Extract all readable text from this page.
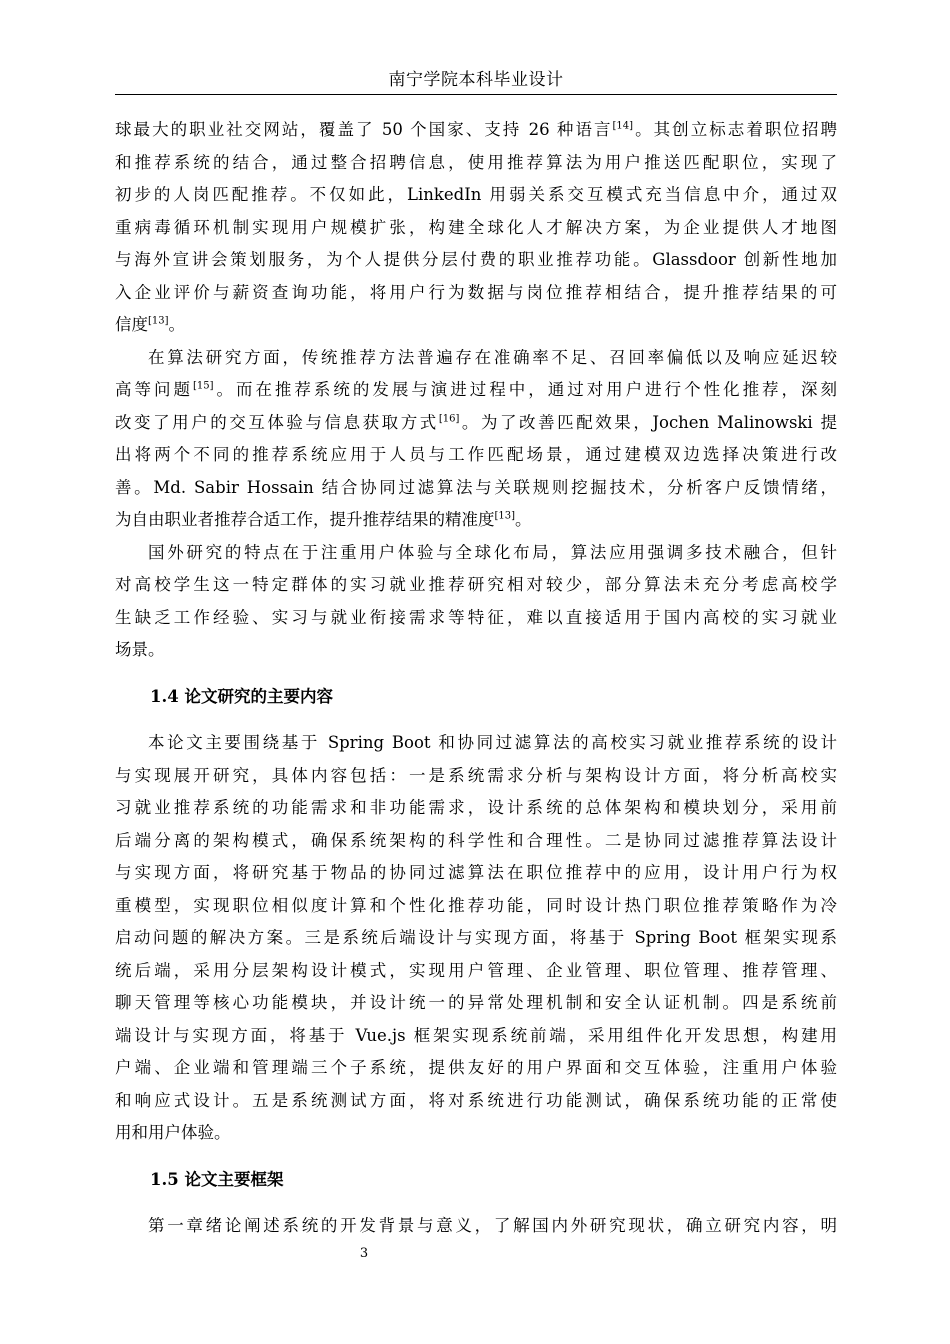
南宁学院本科毕业设计
球最大的职业社交网站，覆盖了 50 个国家、支持 26 种语言[14]。其创立标志着职位招聘
和推荐系统的结合，通过整合招聘信息，使用推荐算法为用户推送匹配职位，实现了
初步的人岗匹配推荐。不仅如此，LinkedIn 用弱关系交互模式充当信息中介，通过双
重病毒循环机制实现用户规模扩张，构建全球化人才解决方案，为企业提供人才地图
与海外宣讲会策划服务，为个人提供分层付费的职业推荐功能。Glassdoor 创新性地加
入企业评价与薪资查询功能，将用户行为数据与岗位推荐相结合，提升推荐结果的可
信度[13]。
在算法研究方面，传统推荐方法普遍存在准确率不足、召回率偏低以及响应延迟较
高等问题[15]。而在推荐系统的发展与演进过程中，通过对用户进行个性化推荐，深刻
改变了用户的交互体验与信息获取方式[16]。为了改善匹配效果，Jochen Malinowski 提
出将两个不同的推荐系统应用于人员与工作匹配场景，通过建模双边选择决策进行改
善。Md. Sabir Hossain 结合协同过滤算法与关联规则挖掘技术，分析客户反馈情绪，
为自由职业者推荐合适工作，提升推荐结果的精准度[13]。
国外研究的特点在于注重用户体验与全球化布局，算法应用强调多技术融合，但针
对高校学生这一特定群体的实习就业推荐研究相对较少，部分算法未充分考虑高校学
生缺乏工作经验、实习与就业衔接需求等特征，难以直接适用于国内高校的实习就业
场景。
1.4 论文研究的主要内容
本论文主要围绕基于 Spring Boot 和协同过滤算法的高校实习就业推荐系统的设计
与实现展开研究，具体内容包括：一是系统需求分析与架构设计方面，将分析高校实
习就业推荐系统的功能需求和非功能需求，设计系统的总体架构和模块划分，采用前
后端分离的架构模式，确保系统架构的科学性和合理性。二是协同过滤推荐算法设计
与实现方面，将研究基于物品的协同过滤算法在职位推荐中的应用，设计用户行为权
重模型，实现职位相似度计算和个性化推荐功能，同时设计热门职位推荐策略作为冷
启动问题的解决方案。三是系统后端设计与实现方面，将基于 Spring Boot 框架实现系
统后端，采用分层架构设计模式，实现用户管理、企业管理、职位管理、推荐管理、
聊天管理等核心功能模块，并设计统一的异常处理机制和安全认证机制。四是系统前
端设计与实现方面，将基于 Vue.js 框架实现系统前端，采用组件化开发思想，构建用
户端、企业端和管理端三个子系统，提供友好的用户界面和交互体验，注重用户体验
和响应式设计。五是系统测试方面，将对系统进行功能测试，确保系统功能的正常使
用和用户体验。
1.5 论文主要框架
第一章绪论阐述系统的开发背景与意义，了解国内外研究现状，确立研究内容，明
3
